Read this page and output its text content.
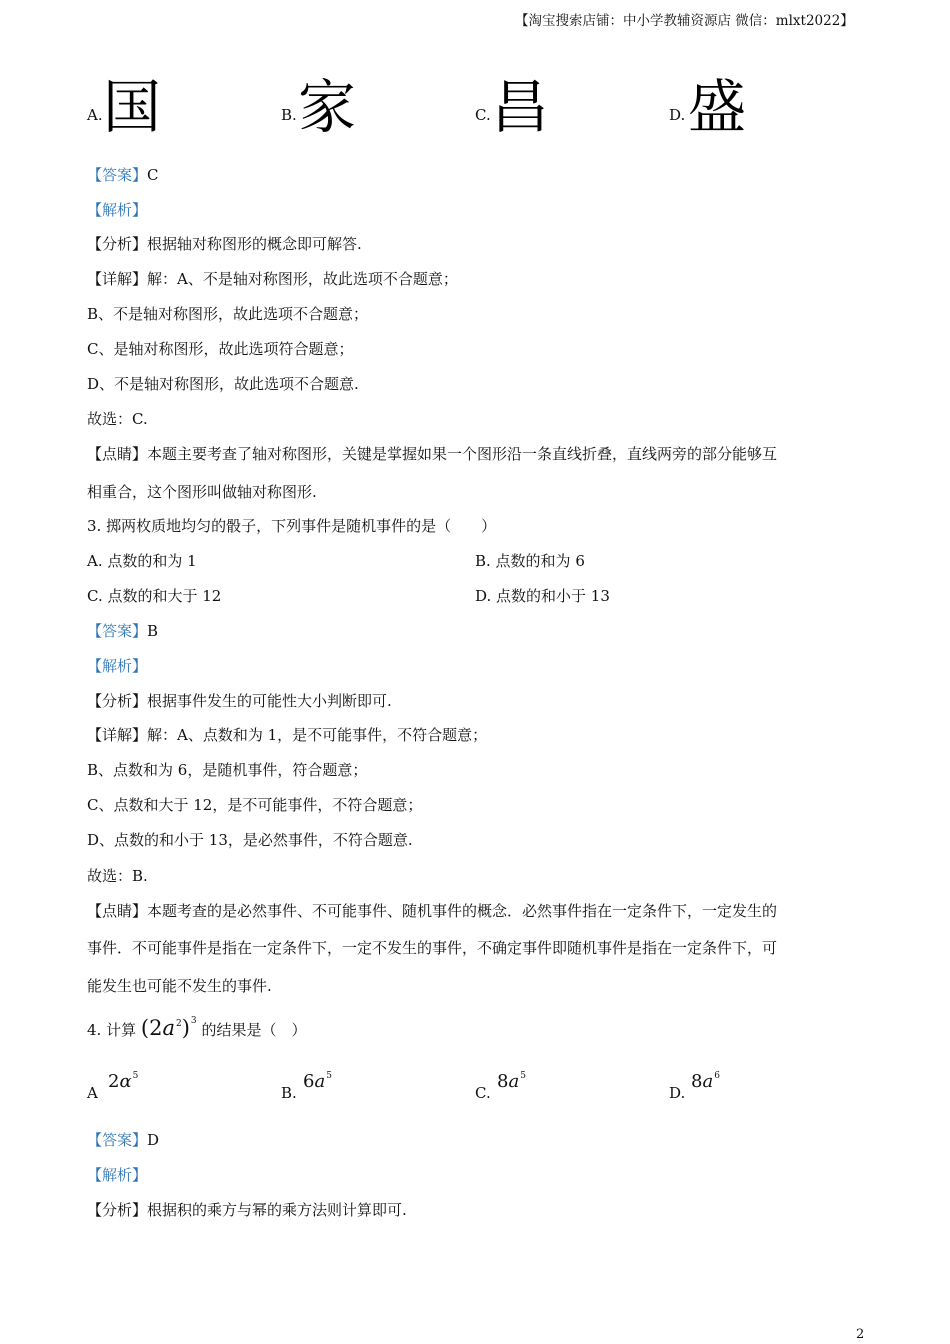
【淘宝搜索店铺：中小学教辅资源店 微信：mlxt2022】
A. 国	B. 家	C. 昌	D. 盛
【答案】C
【解析】
【分析】根据轴对称图形的概念即可解答.
【详解】解：A、不是轴对称图形，故此选项不合题意；
B、不是轴对称图形，故此选项不合题意；
C、是轴对称图形，故此选项符合题意；
D、不是轴对称图形，故此选项不合题意.
故选：C.
【点睛】本题主要考查了轴对称图形，关键是掌握如果一个图形沿一条直线折叠，直线两旁的部分能够互
相重合，这个图形叫做轴对称图形.
3. 掷两枚质地均匀的骰子，下列事件是随机事件的是（　　）
A. 点数的和为 1	B. 点数的和为 6
C. 点数的和大于 12	D. 点数的和小于 13
【答案】B
【解析】
【分析】根据事件发生的可能性大小判断即可.
【详解】解：A、点数和为 1，是不可能事件，不符合题意；
B、点数和为 6，是随机事件，符合题意；
C、点数和大于 12，是不可能事件，不符合题意；
D、点数的和小于 13，是必然事件，不符合题意.
故选：B.
【点睛】本题考查的是必然事件、不可能事件、随机事件的概念．必然事件指在一定条件下，一定发生的
事件．不可能事件是指在一定条件下，一定不发生的事件，不确定事件即随机事件是指在一定条件下，可
能发生也可能不发生的事件.
4. 计算 $(2a^2)^3$ 的结果是（　）
A
$2\alpha^5$
B.
$6a^5$
C.
$8a^5$
D.
$8a^6$
【答案】D
【解析】
【分析】根据积的乘方与幂的乘方法则计算即可.
2
